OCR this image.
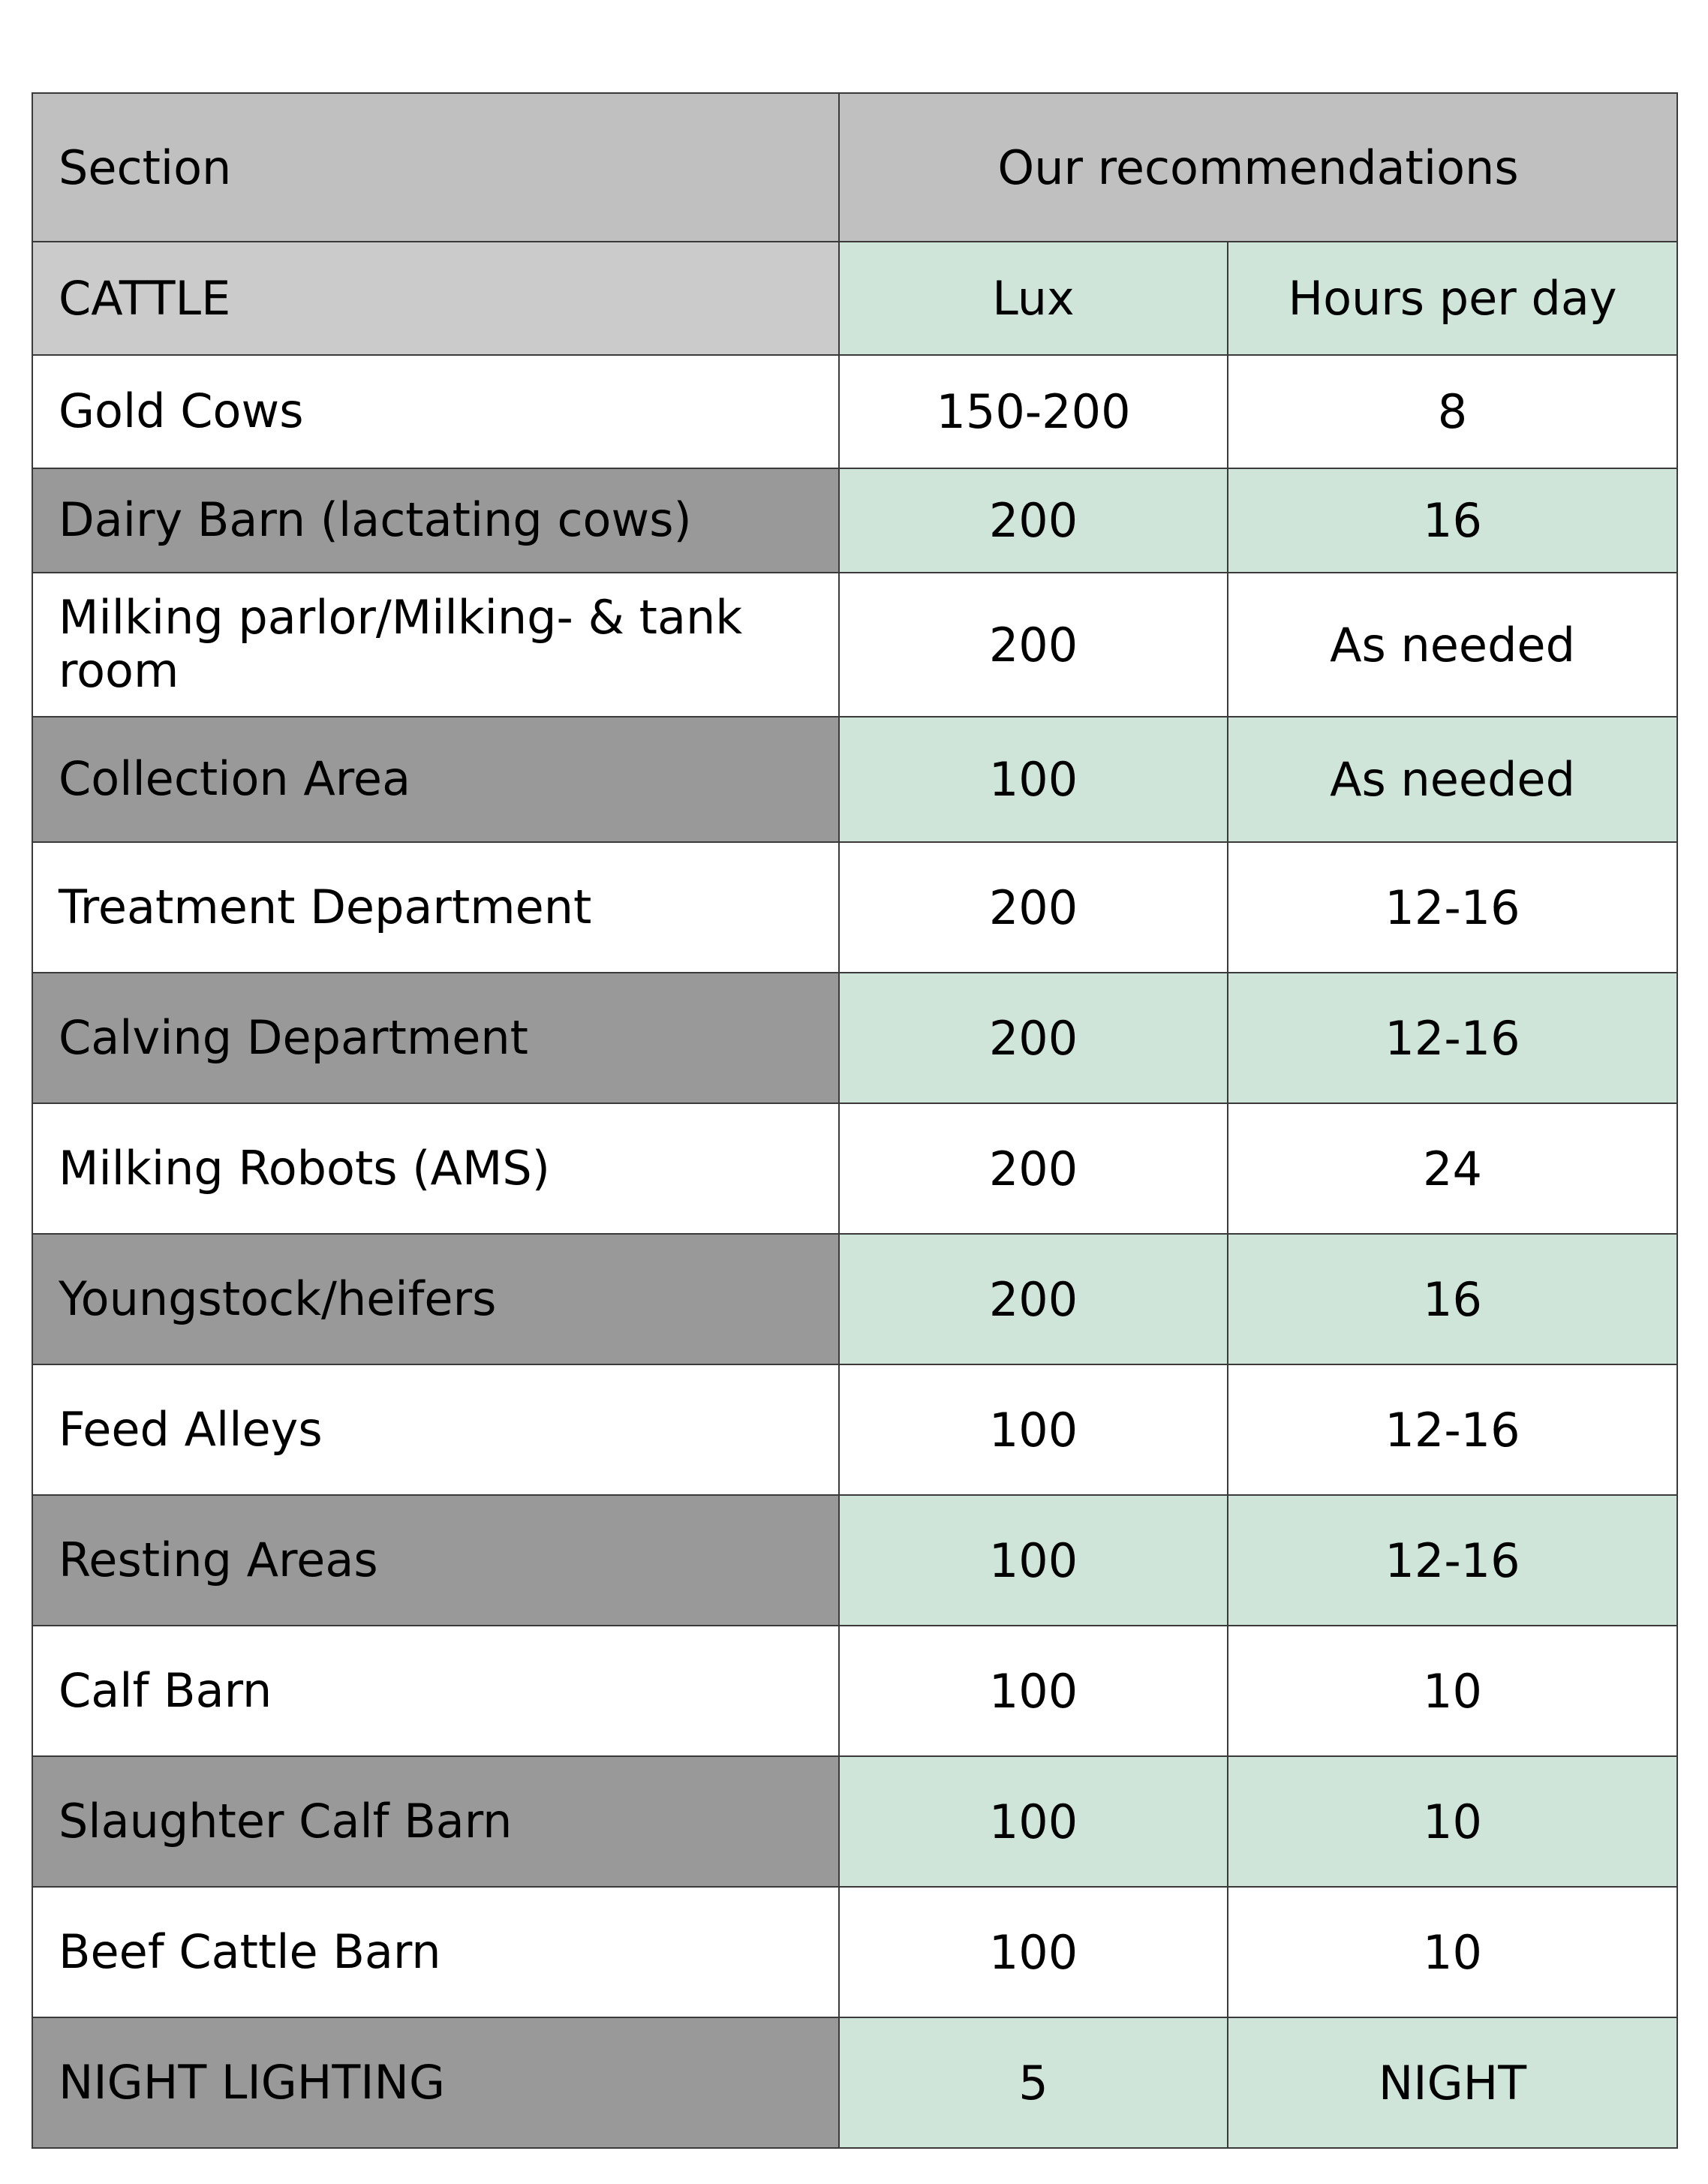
Section	Our recommendations	
CATTLE	Lux	Hours per day
Gold Cows	150-200	8
Dairy Barn (lactating cows)	200	16
Milking parlor/Milking- & tank room	200	As needed
Collection Area	100	As needed
Treatment Department	200	12-16
Calving Department	200	12-16
Milking Robots (AMS)	200	24
Youngstock/heifers	200	16
Feed Alleys	100	12-16
Resting Areas	100	12-16
Calf Barn	100	10
Slaughter Calf Barn	100	10
Beef Cattle Barn	100	10
NIGHT LIGHTING	5	NIGHT
